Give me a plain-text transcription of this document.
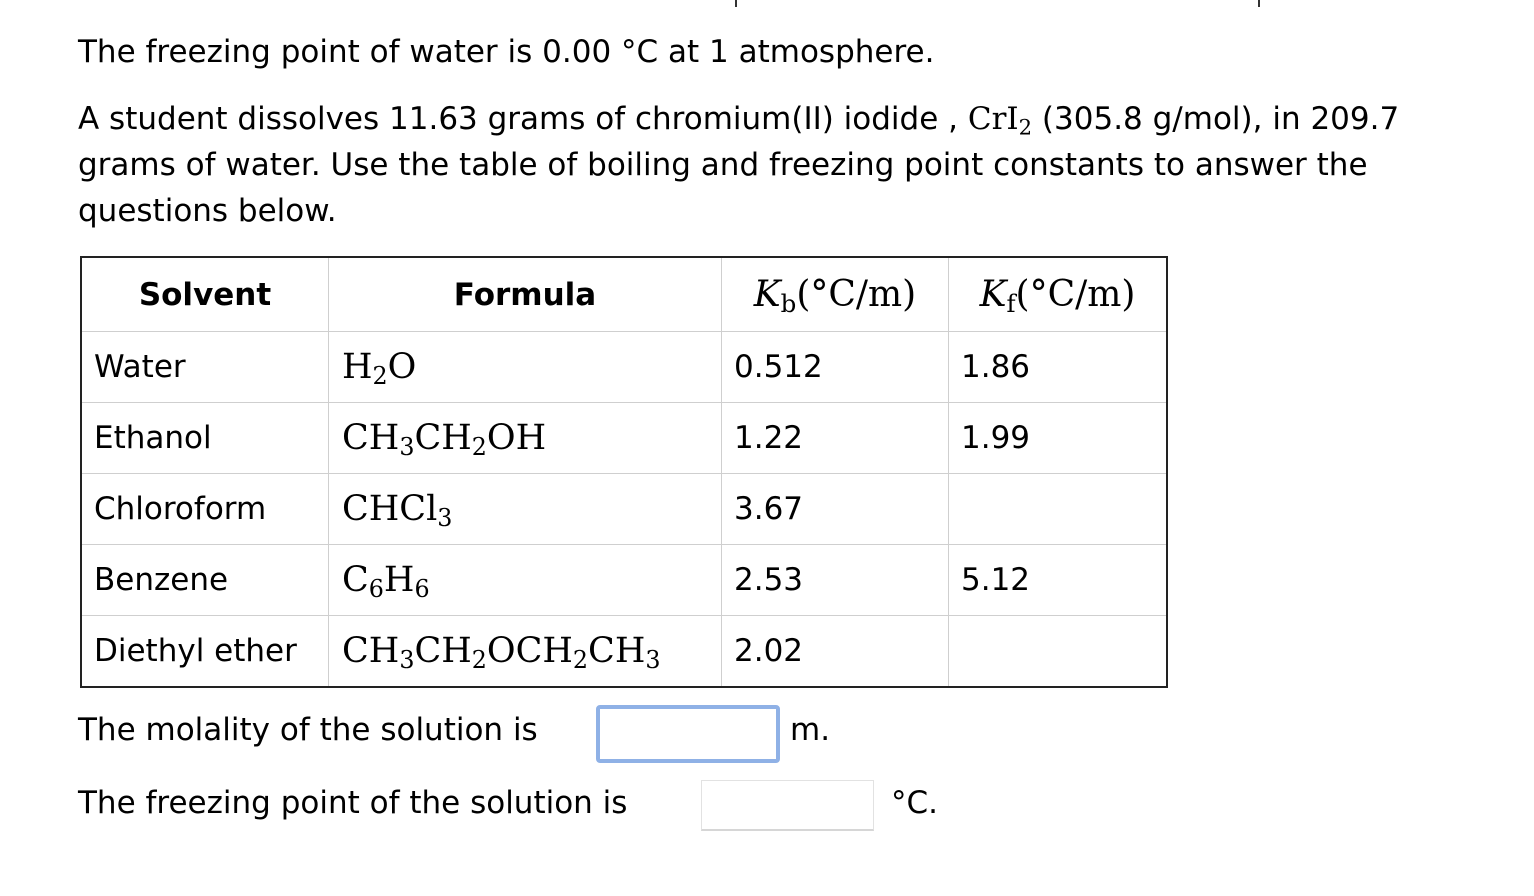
The freezing point of water is 0.00 °C at 1 atmosphere.

A student dissolves 11.63 grams of chromium(II) iodide , CrI$_2$ (305.8 g/mol), in 209.7 grams of water. Use the table of boiling and freezing point constants to answer the questions below.

Solvent	Formula	$K_b(^\circ C/m)$	$K_f(^\circ C/m)$
Water	$H_2O$	0.512	1.86
Ethanol	$CH_3CH_2OH$	1.22	1.99
Chloroform	CHCl$_3$	3.67	
Benzene	$C_6H_6$	2.53	5.12
Diethyl ether	$CH_3CH_2OCH_2CH_3$	2.02	
The molality of the solution is	m.
The freezing point of the solution is	°C.
